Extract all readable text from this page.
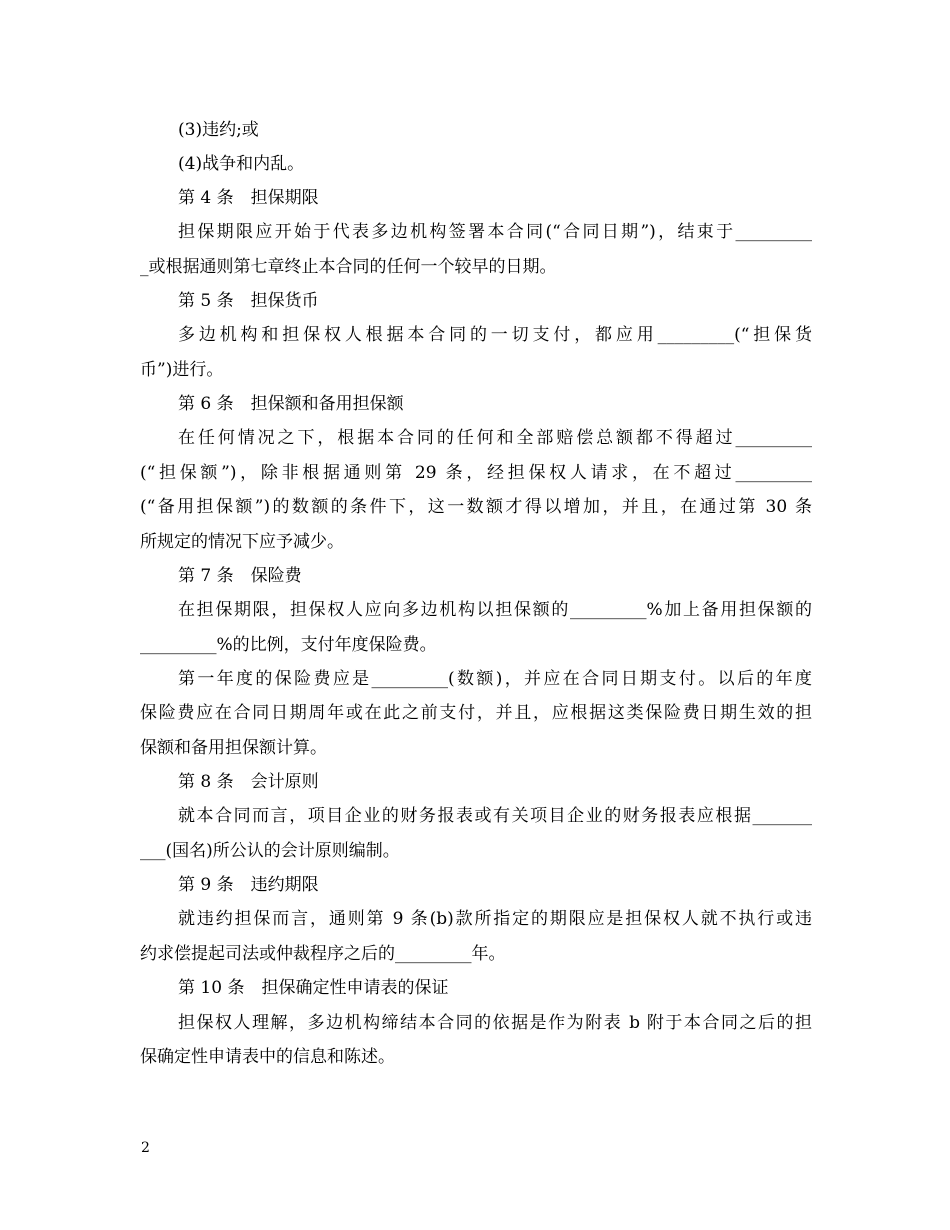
(3)违约;或
(4)战争和内乱。
第 4 条　担保期限
担保期限应开始于代表多边机构签署本合同(“合同日期”)，结束于_________
_或根据通则第七章终止本合同的任何一个较早的日期。
第 5 条　担保货币
多边机构和担保权人根据本合同的一切支付，都应用_________(“担保货
币”)进行。
第 6 条　担保额和备用担保额
在任何情况之下，根据本合同的任何和全部赔偿总额都不得超过_________
(“担保额”)，除非根据通则第 29 条，经担保权人请求，在不超过_________
(“备用担保额”)的数额的条件下，这一数额才得以增加，并且，在通过第 30 条
所规定的情况下应予减少。
第 7 条　保险费
在担保期限，担保权人应向多边机构以担保额的_________%加上备用担保额的
_________%的比例，支付年度保险费。
第一年度的保险费应是_________(数额)，并应在合同日期支付。以后的年度
保险费应在合同日期周年或在此之前支付，并且，应根据这类保险费日期生效的担
保额和备用担保额计算。
第 8 条　会计原则
就本合同而言，项目企业的财务报表或有关项目企业的财务报表应根据_______
___(国名)所公认的会计原则编制。
第 9 条　违约期限
就违约担保而言，通则第 9 条(b)款所指定的期限应是担保权人就不执行或违
约求偿提起司法或仲裁程序之后的_________年。
第 10 条　担保确定性申请表的保证
担保权人理解，多边机构缔结本合同的依据是作为附表 b 附于本合同之后的担
保确定性申请表中的信息和陈述。
2
